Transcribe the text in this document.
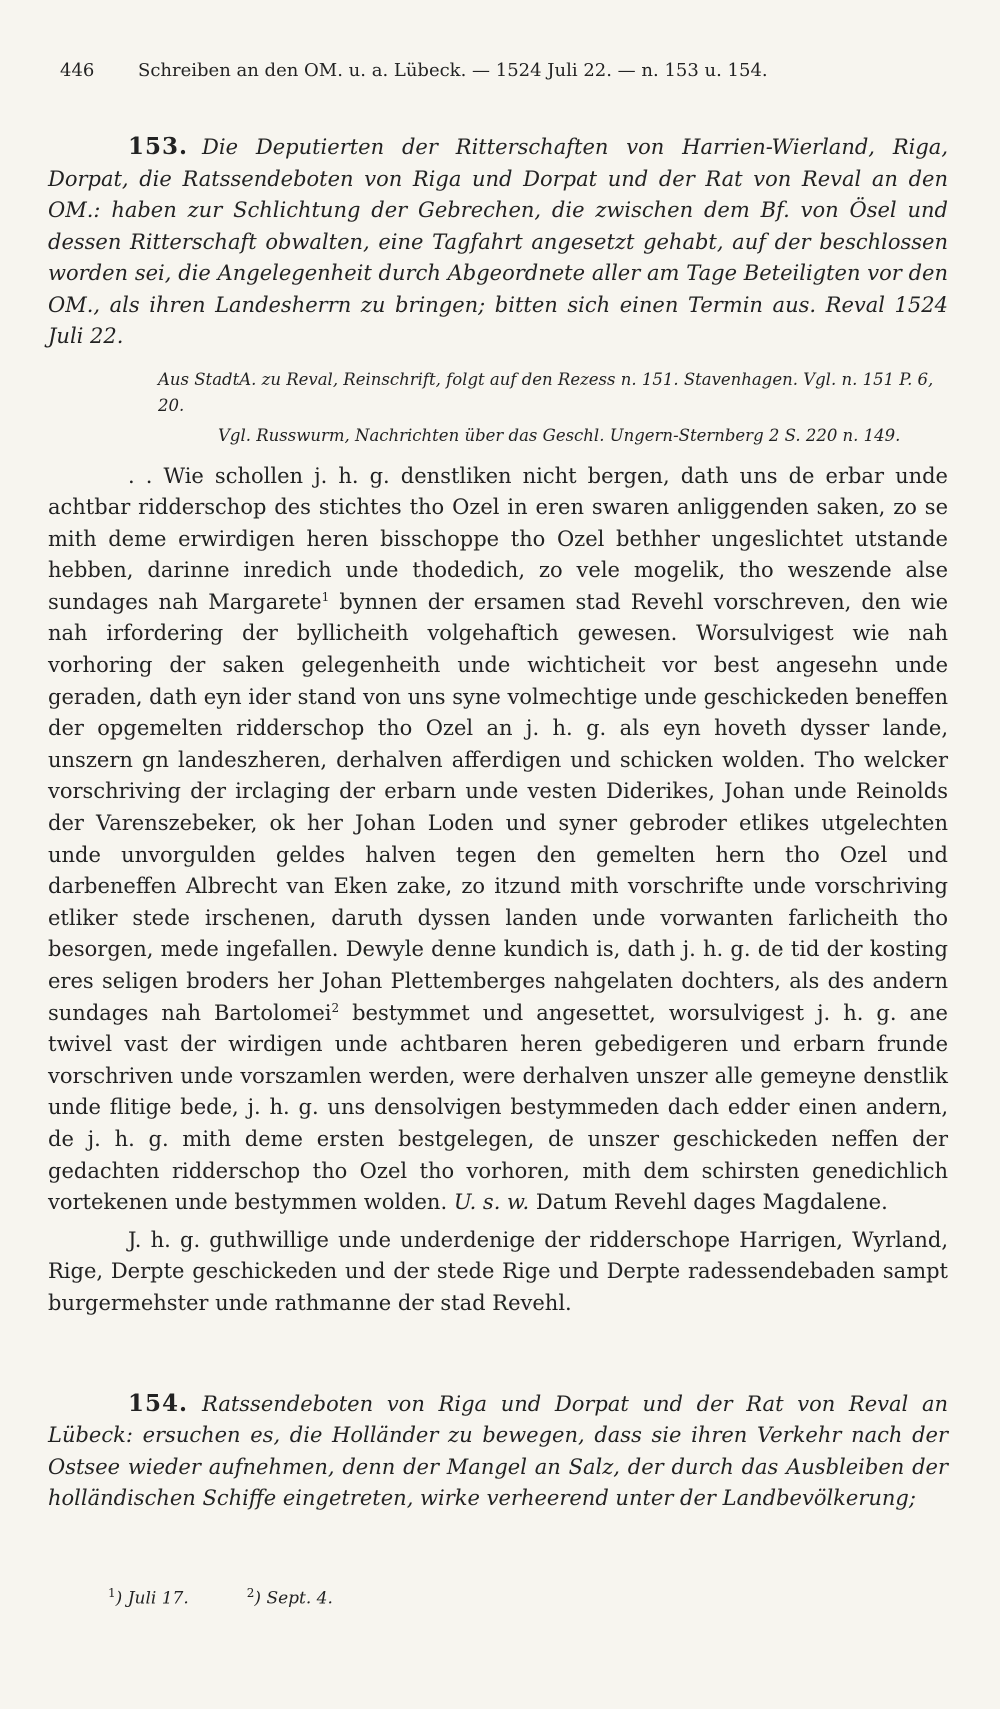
446	Schreiben an den OM. u. a. Lübeck. — 1524 Juli 22. — n. 153 u. 154.
153. Die Deputierten der Ritterschaften von Harrien-Wierland, Riga, Dorpat, die Ratssendeboten von Riga und Dorpat und der Rat von Reval an den OM.: haben zur Schlichtung der Gebrechen, die zwischen dem Bf. von Ösel und dessen Ritterschaft obwalten, eine Tagfahrt angesetzt gehabt, auf der beschlossen worden sei, die Angelegenheit durch Abgeordnete aller am Tage Beteiligten vor den OM., als ihren Landesherrn zu bringen; bitten sich einen Termin aus. Reval 1524 Juli 22.

Aus StadtA. zu Reval, Reinschrift, folgt auf den Rezess n. 151. Stavenhagen. Vgl. n. 151 P. 6, 20.

Vgl. Russwurm, Nachrichten über das Geschl. Ungern-Sternberg 2 S. 220 n. 149.

. . Wie schollen j. h. g. denstliken nicht bergen, dath uns de erbar unde achtbar ridderschop des stichtes tho Ozel in eren swaren anliggenden saken, zo se mith deme erwirdigen heren bisschoppe tho Ozel bethher ungeslichtet utstande hebben, darinne inredich unde thodedich, zo vele mogelik, tho weszende alse sundages nah Margarete$^1$ bynnen der ersamen stad Revehl vorschreven, den wie nah irfordering der byllicheith volgehaftich gewesen. Worsulvigest wie nah vorhoring der saken gelegenheith unde wichticheit vor best angesehn unde geraden, dath eyn ider stand von uns syne volmechtige unde geschickeden beneffen der opgemelten ridderschop tho Ozel an j. h. g. als eyn hoveth dysser lande, unszern gn landeszheren, derhalven afferdigen und schicken wolden. Tho welcker vorschriving der irclaging der erbarn unde vesten Diderikes, Johan unde Reinolds der Varenszebeker, ok her Johan Loden und syner gebroder etlikes utgelechten unde unvorgulden geldes halven tegen den gemelten hern tho Ozel und darbeneffen Albrecht van Eken zake, zo itzund mith vorschrifte unde vorschriving etliker stede irschenen, daruth dyssen landen unde vorwanten farlicheith tho besorgen, mede ingefallen. Dewyle denne kundich is, dath j. h. g. de tid der kosting eres seligen broders her Johan Plettemberges nahgelaten dochters, als des andern sundages nah Bartolomei$^2$ bestymmet und angesettet, worsulvigest j. h. g. ane twivel vast der wirdigen unde achtbaren heren gebedigeren und erbarn frunde vorschriven unde vorszamlen werden, were derhalven unszer alle gemeyne denstlik unde flitige bede, j. h. g. uns densolvigen bestymmeden dach edder einen andern, de j. h. g. mith deme ersten bestgelegen, de unszer geschickeden neffen der gedachten ridderschop tho Ozel tho vorhoren, mith dem schirsten genedichlich vortekenen unde bestymmen wolden. U. s. w. Datum Revehl dages Magdalene.

J. h. g. guthwillige unde underdenige der ridderschope Harrigen, Wyrland, Rige, Derpte geschickeden und der stede Rige und Derpte radessendebaden sampt burgermehster unde rathmanne der stad Revehl.

154. Ratssendeboten von Riga und Dorpat und der Rat von Reval an Lübeck: ersuchen es, die Holländer zu bewegen, dass sie ihren Verkehr nach der Ostsee wieder aufnehmen, denn der Mangel an Salz, der durch das Ausbleiben der holländischen Schiffe eingetreten, wirke verheerend unter der Landbevölkerung;
$^1$) Juli 17.	$^2$) Sept. 4.
